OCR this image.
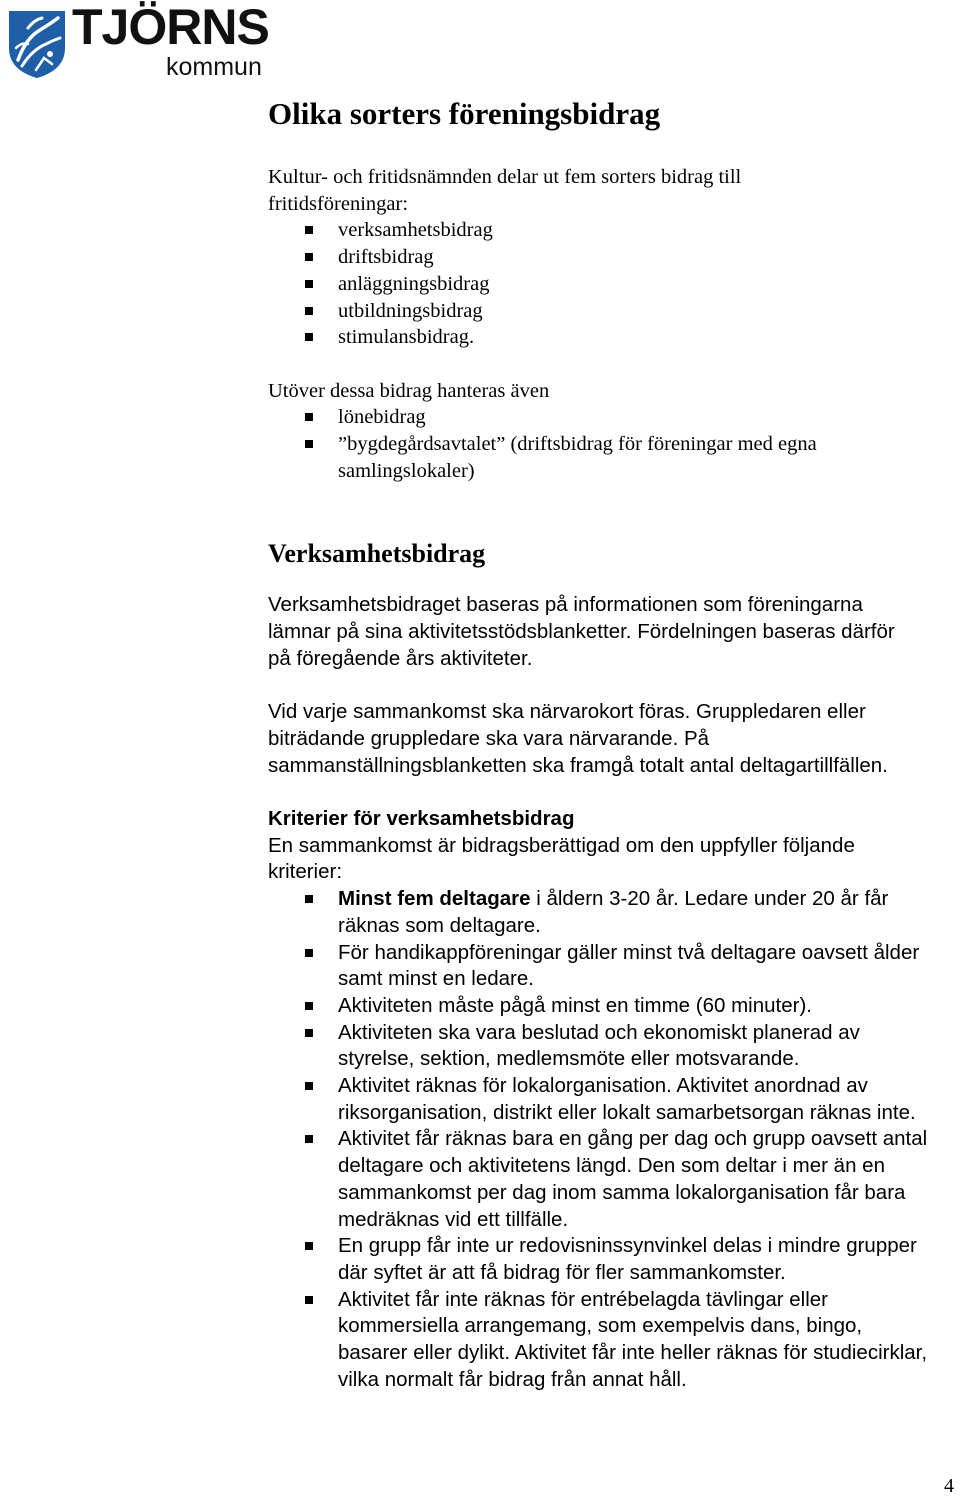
TJÖRNS
kommun
Olika sorters föreningsbidrag

Kultur- och fritidsnämnden delar ut fem sorters bidrag till fritidsföreningar:

verksamhetsbidrag
driftsbidrag
anläggningsbidrag
utbildningsbidrag
stimulansbidrag.

Utöver dessa bidrag hanteras även

lönebidrag
”bygdegårdsavtalet” (driftsbidrag för föreningar med egna samlingslokaler)
Verksamhetsbidrag

Verksamhetsbidraget baseras på informationen som föreningarna lämnar på sina aktivitetsstödsblanketter. Fördelningen baseras därför på föregående års aktiviteter.

Vid varje sammankomst ska närvarokort föras. Gruppledaren eller biträdande gruppledare ska vara närvarande. På sammanställningsblanketten ska framgå totalt antal deltagartillfällen.

Kriterier för verksamhetsbidrag

En sammankomst är bidragsberättigad om den uppfyller följande kriterier:

Minst fem deltagare i åldern 3-20 år. Ledare under 20 år får räknas som deltagare.
För handikappföreningar gäller minst två deltagare oavsett ålder samt minst en ledare.
Aktiviteten måste pågå minst en timme (60 minuter).
Aktiviteten ska vara beslutad och ekonomiskt planerad av styrelse, sektion, medlemsmöte eller motsvarande.
Aktivitet räknas för lokalorganisation. Aktivitet anordnad av riksorganisation, distrikt eller lokalt samarbetsorgan räknas inte.
Aktivitet får räknas bara en gång per dag och grupp oavsett antal deltagare och aktivitetens längd. Den som deltar i mer än en sammankomst per dag inom samma lokalorganisation får bara medräknas vid ett tillfälle.
En grupp får inte ur redovisninssynvinkel delas i mindre grupper där syftet är att få bidrag för fler sammankomster.
Aktivitet får inte räknas för entrébelagda tävlingar eller kommersiella arrangemang, som exempelvis dans, bingo, basarer eller dylikt. Aktivitet får inte heller räknas för studiecirklar, vilka normalt får bidrag från annat håll.
4
